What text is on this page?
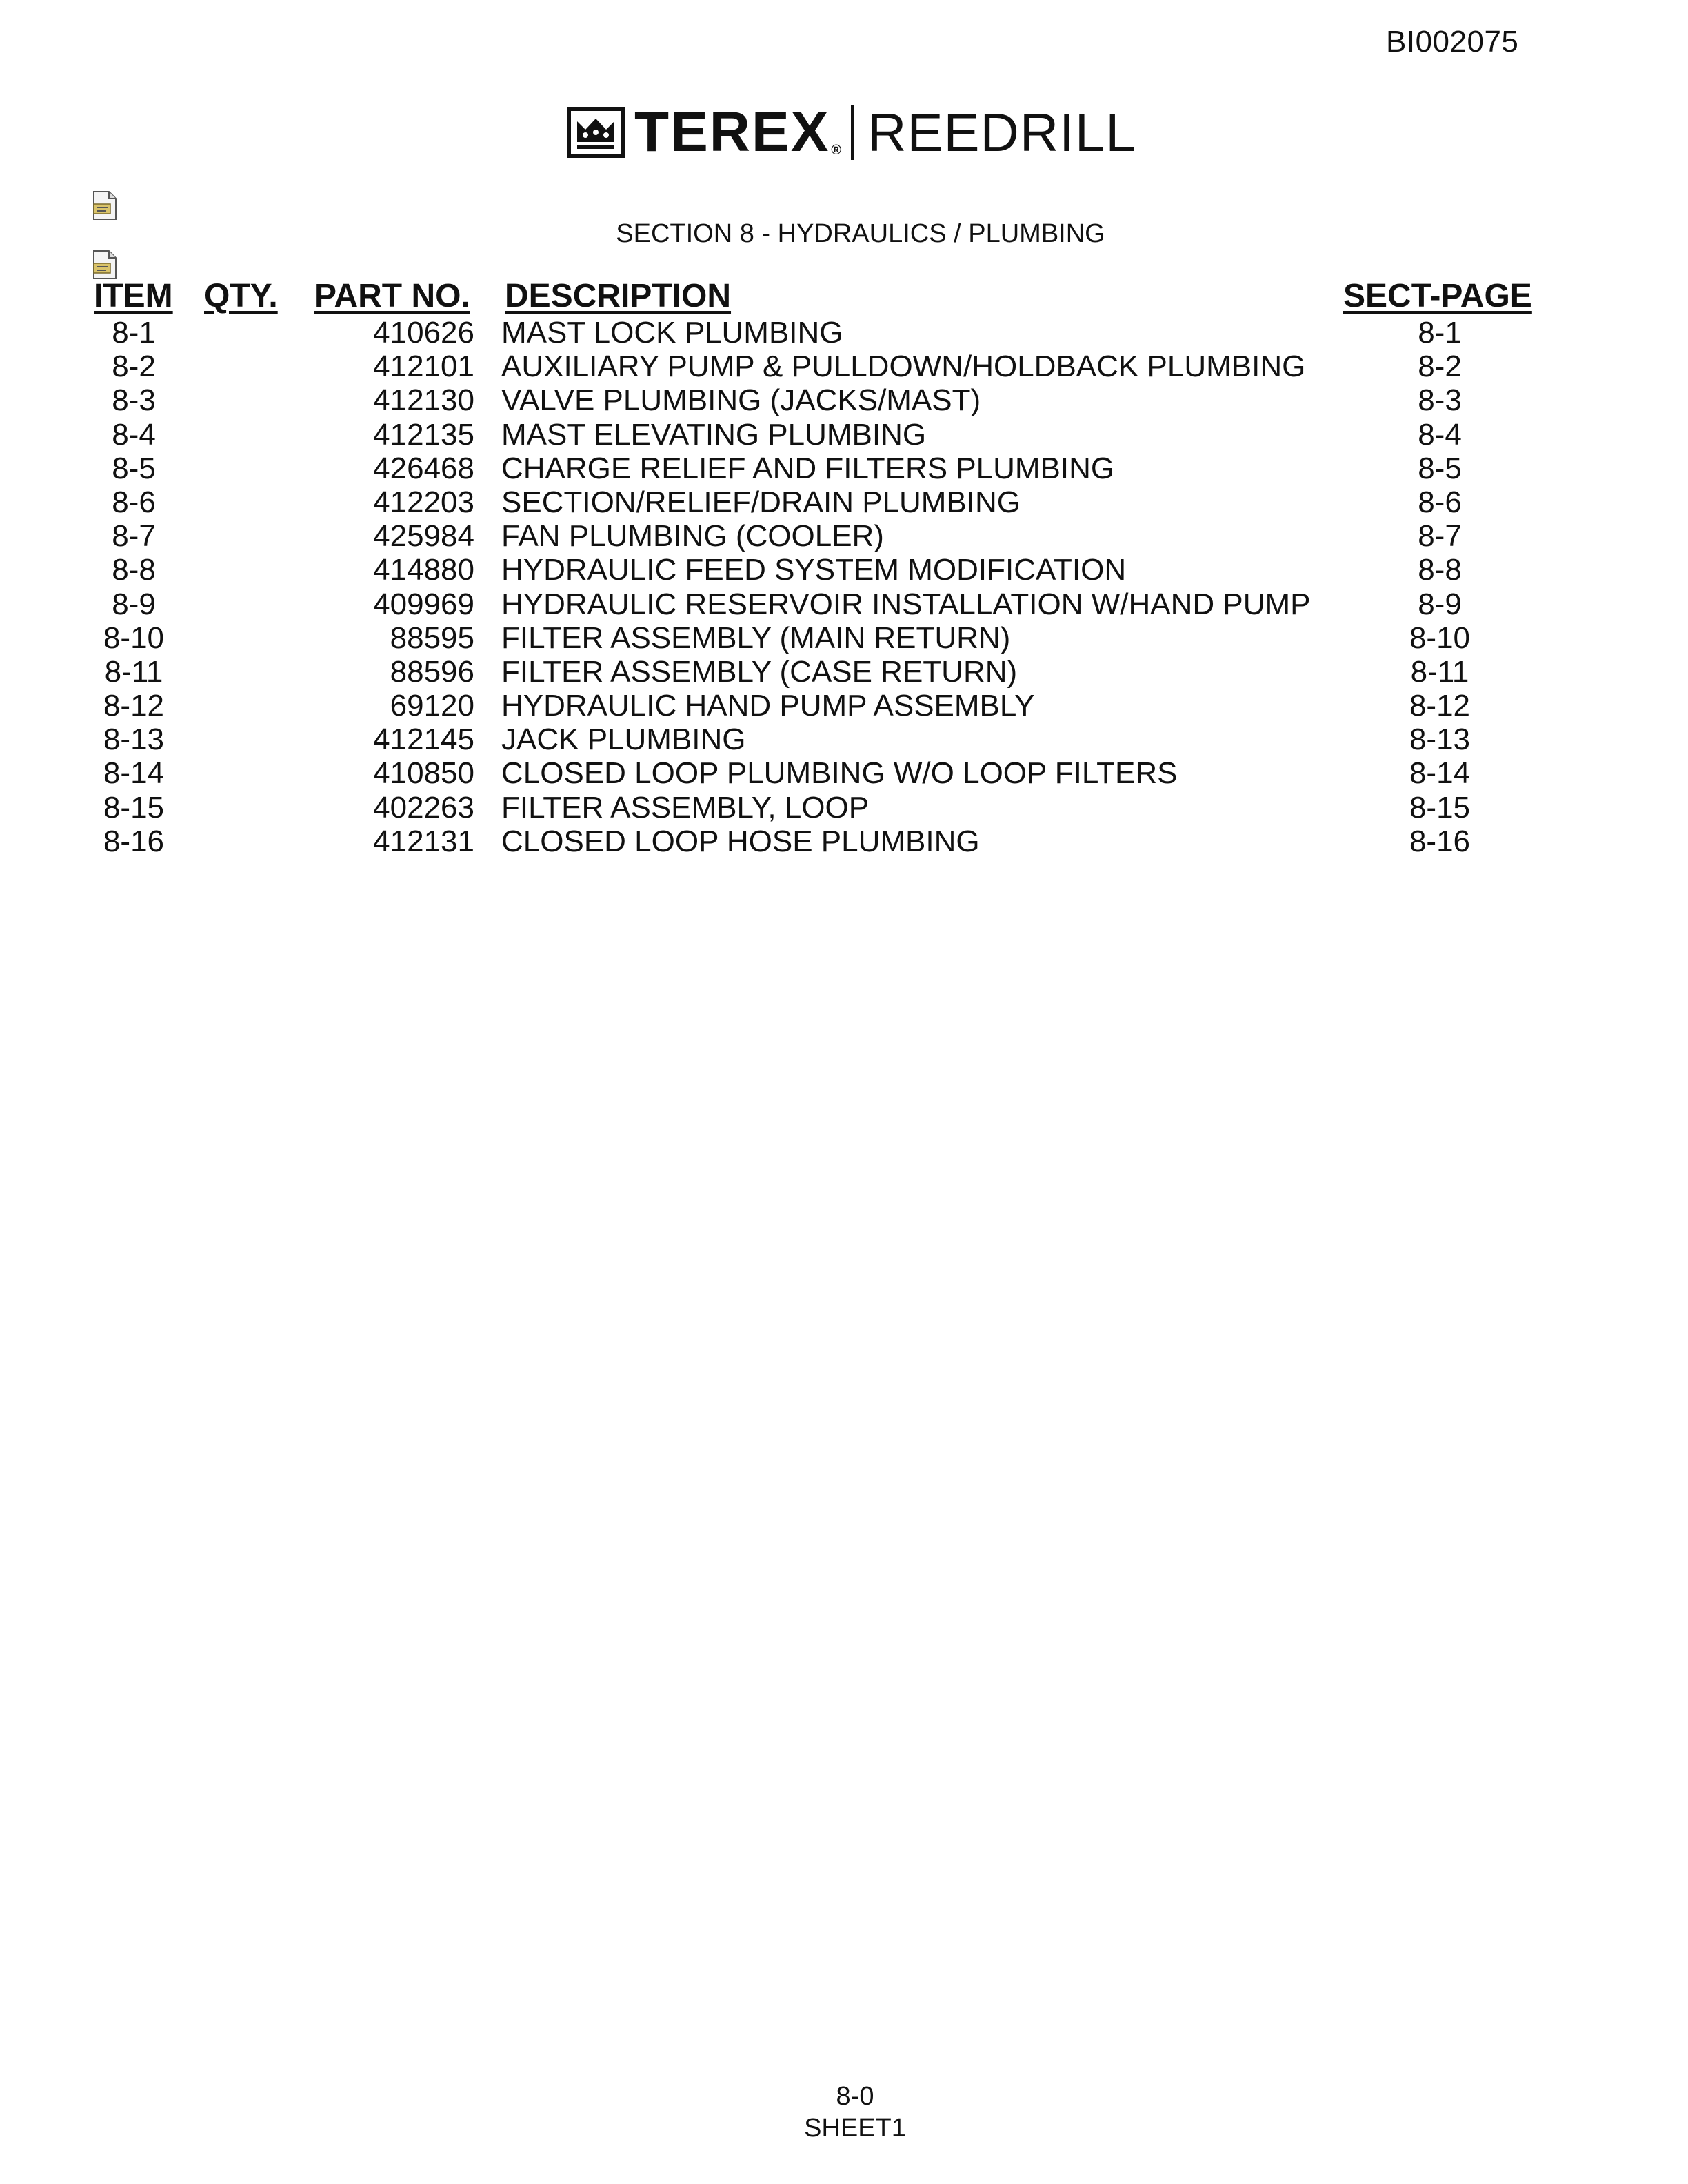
BI002075
TEREX ® REEDRILL
SECTION 8 - HYDRAULICS / PLUMBING
ITEM QTY. PART NO. DESCRIPTION	SECT-PAGE
8-1	410626 MAST LOCK PLUMBING	8-1
8-2	412101 AUXILIARY PUMP & PULLDOWN/HOLDBACK PLUMBING	8-2
8-3	412130 VALVE PLUMBING (JACKS/MAST)	8-3
8-4	412135 MAST ELEVATING PLUMBING	8-4
8-5	426468 CHARGE RELIEF AND FILTERS PLUMBING	8-5
8-6	412203 SECTION/RELIEF/DRAIN PLUMBING	8-6
8-7	425984 FAN PLUMBING (COOLER)	8-7
8-8	414880 HYDRAULIC FEED SYSTEM MODIFICATION	8-8
8-9	409969 HYDRAULIC RESERVOIR INSTALLATION W/HAND PUMP	8-9
8-10	88595 FILTER ASSEMBLY (MAIN RETURN)	8-10
8-11	88596 FILTER ASSEMBLY (CASE RETURN)	8-11
8-12	69120 HYDRAULIC HAND PUMP ASSEMBLY	8-12
8-13	412145 JACK PLUMBING	8-13
8-14	410850 CLOSED LOOP PLUMBING W/O LOOP FILTERS	8-14
8-15	402263 FILTER ASSEMBLY, LOOP	8-15
8-16	412131 CLOSED LOOP HOSE PLUMBING	8-16
8-0
SHEET1
